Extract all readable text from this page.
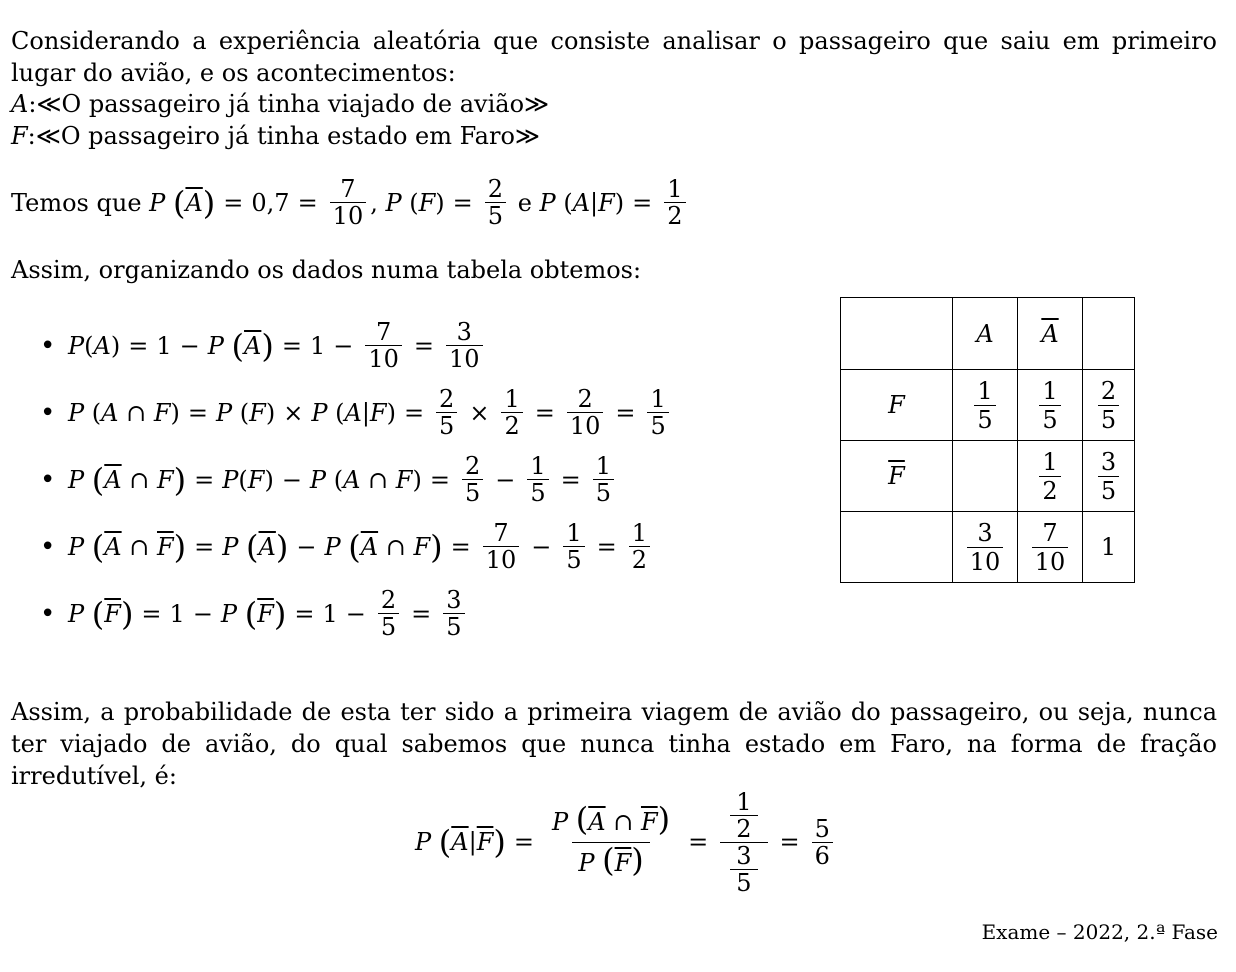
Considerando a experiência aleatória que consiste analisar o passageiro que saiu em primeiro lugar do avião, e os acontecimentos:
A:≪O passageiro já tinha viajado de avião≫
F:≪O passageiro já tinha estado em Faro≫
Temos que
P
( $\overline{A}$ ) = $0,7 = \frac{7}{10}$ , P ( F ) = $\frac{2}{5}$
e
P ( A | F ) = $\frac{1}{2}$
Assim, organizando os dados numa tabela obtemos:
• P ( A ) = 1 − P
( $\overline{A}$ ) = $1 - \frac{7}{10} = \frac{3}{10}$
• P ( A ∩ F ) = P ( F ) × P ( A | F ) = $\frac{2}{5} \times \frac{1}{2} = \frac{2}{10} = \frac{1}{5}$
• P
( $\overline{A}$ ∩ F ) = P ( F ) − P ( A ∩ F ) = $\frac{2}{5} - \frac{1}{5} = \frac{1}{5}$
• P
( $\overline{A}$ ∩ $\overline{F}$ ) = P
( $\overline{A}$ ) − P
( $\overline{A}$ ∩ F ) = $\frac{7}{10} - \frac{1}{5} = \frac{1}{2}$
• P
( $\overline{F}$ ) = 1 − P
( $\overline{F}$ ) = $1 - \frac{2}{5} = \frac{3}{5}$
	A	$\overline{A}$	
F	$\frac{1}{5}$	$\frac{1}{5}$	$\frac{2}{5}$

$\overline{F}$		$\frac{1}{2}$	$\frac{3}{5}$

	$\frac{3}{10}$	$\frac{7}{10}$	1
Assim, a probabilidade de esta ter sido a primeira viagem de avião do passageiro, ou seja, nunca ter viajado de avião, do qual sabemos que nunca tinha estado em Faro, na forma de fração irredutível, é:
P
( $\overline{A}$ | $\overline{F}$ ) = $\frac{P (\overline{A} \cap \overline{F})}{P (\overline{F})} = \frac{\frac{1}{2}}{\frac{3}{5}} = \frac{5}{6}$
Exame – 2022, 2.ª Fase
